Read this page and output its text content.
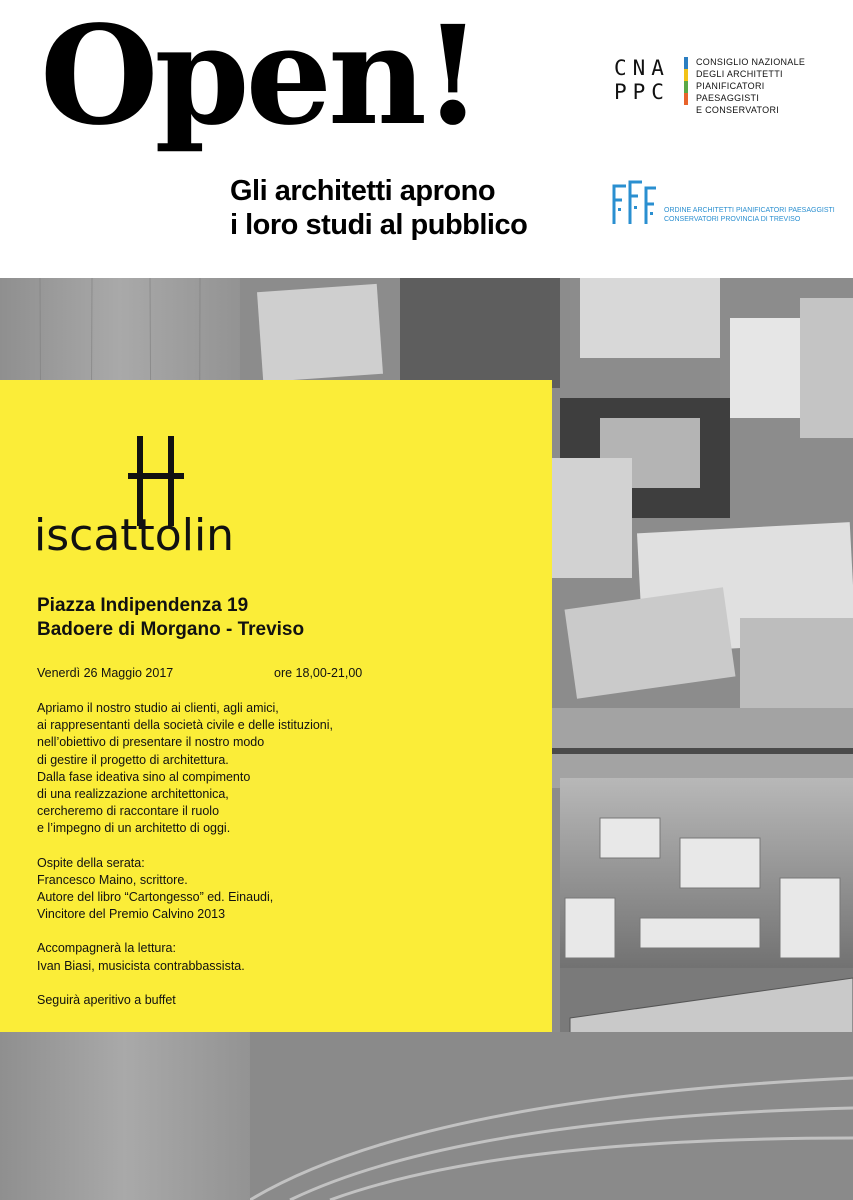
Open!
Gli architetti aprono
i loro studi al pubblico
CNA
PPC
CONSIGLIO NAZIONALE
DEGLI ARCHITETTI
PIANIFICATORI
PAESAGGISTI
E CONSERVATORI
ORDINE ARCHITETTI PIANIFICATORI PAESAGGISTI
CONSERVATORI PROVINCIA DI TREVISO
iscattolin
Piazza Indipendenza 19
Badoere di Morgano - Treviso
Venerdì 26 Maggio 2017	ore 18,00-21,00
Apriamo il nostro studio ai clienti, agli amici,
ai rappresentanti della società civile e delle istituzioni,
nell’obiettivo di presentare il nostro modo
di gestire il progetto di architettura.
Dalla fase ideativa sino al compimento
di una realizzazione architettonica,
cercheremo di raccontare il ruolo
e l’impegno di un architetto di oggi.
Ospite della serata:
Francesco Maino, scrittore.
Autore del libro “Cartongesso” ed. Einaudi,
Vincitore del Premio Calvino 2013
Accompagnerà la lettura:
Ivan Biasi, musicista contrabbassista.
Seguirà aperitivo a buffet
